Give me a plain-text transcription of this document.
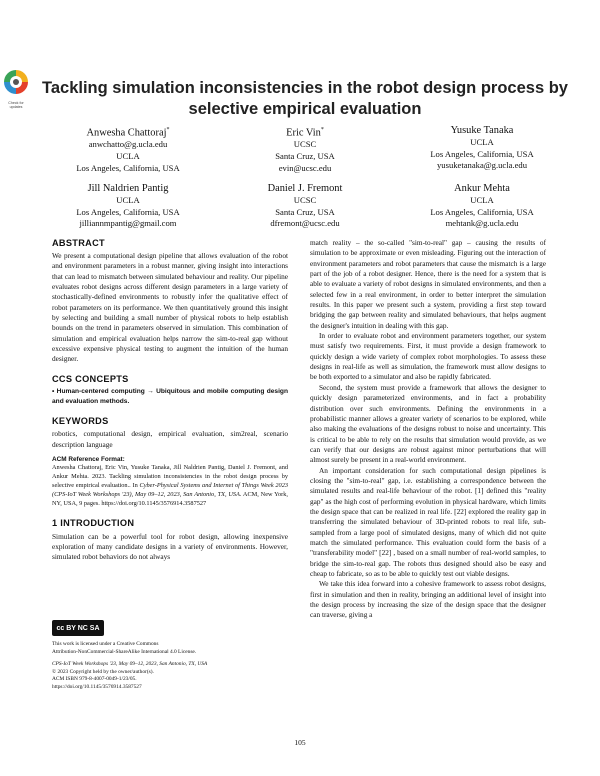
Check for updates
Tackling simulation inconsistencies in the robot design process by selective empirical evaluation
Anwesha Chattoraj*
anwchatto@g.ucla.edu
UCLA
Los Angeles, California, USA
Eric Vin*
UCSC
Santa Cruz, USA
evin@ucsc.edu
Yusuke Tanaka
UCLA
Los Angeles, California, USA
yusuketanaka@g.ucla.edu
Jill Naldrien Pantig
UCLA
Los Angeles, California, USA
jilliannmpantig@gmail.com
Daniel J. Fremont
UCSC
Santa Cruz, USA
dfremont@ucsc.edu
Ankur Mehta
UCLA
Los Angeles, California, USA
mehtank@g.ucla.edu
ABSTRACT

We present a computational design pipeline that allows evaluation of the robot and environment parameters in a robust manner, giving insight into interactions that can lead to mismatch between simulated behaviour and reality. Our pipeline evaluates robot designs across different design parameters in a large variety of stochastically-defined environments to robustly infer the qualitative effect of robot parameters on its performance. We then quantitatively ground this insight by selecting and building a small number of physical robots to help establish bounds on the trend in parameters observed in simulation. This combination of simulation and empirical evaluation helps narrow the sim-to-real gap without excessive expensive physical testing to augment the intuition of the human designer.

CCS CONCEPTS

• Human-centered computing → Ubiquitous and mobile computing design and evaluation methods.

KEYWORDS

robotics, computational design, empirical evaluation, sim2real, scenario description language

ACM Reference Format:

Anwesha Chattoraj, Eric Vin, Yusuke Tanaka, Jill Naldrien Pantig, Daniel J. Fremont, and Ankur Mehta. 2023. Tackling simulation inconsistencies in the robot design process by selective empirical evaluation.. In Cyber-Physical Systems and Internet of Things Week 2023 (CPS-IoT Week Workshops '23), May 09–12, 2023, San Antonio, TX, USA. ACM, New York, NY, USA, 9 pages. https://doi.org/10.1145/3576914.3587527

1 INTRODUCTION

Simulation can be a powerful tool for robot design, allowing inexpensive exploration of many candidate designs in a variety of environments. However, simulated robot behaviors do not always

cc BY NC SA
This work is licensed under a Creative Commons
Attribution-NonCommercial-ShareAlike International 4.0 License.
CPS-IoT Week Workshops '23, May 09–12, 2023, San Antonio, TX, USA
© 2023 Copyright held by the owner/author(s).
ACM ISBN 979-8-4007-0049-1/23/05.
https://doi.org/10.1145/3576914.3587527

match reality – the so-called "sim-to-real" gap – causing the results of simulation to be approximate or even misleading. Figuring out the interaction of environment parameters and robot parameters that cause the mismatch is a large part of the job of a robot designer. Hence, there is the need for a system that is able to evaluate a variety of robot designs in simulated environments, and then a selected few in a real environment, in order to better interpret the simulation results. In this paper we present such a system, providing a first step toward bridging the gap between reality and simulated behaviours, that helps augment the designer's intuition in dealing with this gap.

In order to evaluate robot and environment parameters together, our system must satisfy two requirements. First, it must provide a design framework to quickly design a wide variety of complex robot morphologies. To assess these designs in real-life as well as simulation, the framework must allow designs to be both exported to a simulator and also be rapidly fabricated.

Second, the system must provide a framework that allows the designer to quickly design parameterized environments, and in fact a probability distribution over such environments. Defining the environments in a probabilistic manner allows a greater variety of scenarios to be explored, while also making the evaluations of the designs robust to noise and uncertainty. This is critical to be able to rely on the results that simulation would provide, as we can verify that our designs are robust against minor perturbations that will almost surely be present in a real-world environment.

An important consideration for such computational design pipelines is closing the "sim-to-real" gap, i.e. establishing a correspondence between the simulated results and real-life behaviour of the robot. [1] defined this "reality gap" as the high cost of performing evolution in physical hardware, which limits the design space that can be realized in real life. [22] explored the reality gap in transferring the simulated behaviour of 3D-printed robots to real life, sub-sampled from a large pool of simulated designs, many of which did not quite match the simulated performance. This evaluation could form the basis of a "transferability model" [22] , based on a small number of real-world samples, to bridge the sim-to-real gap. The robots thus designed should also be easy and cheap to fabricate, so as to be able to quickly test out viable designs.

We take this idea forward into a cohesive framework to assess robot designs, first in simulation and then in reality, bringing an additional level of insight into the design process by increasing the size of the design space that the designer can traverse, giving a

105
